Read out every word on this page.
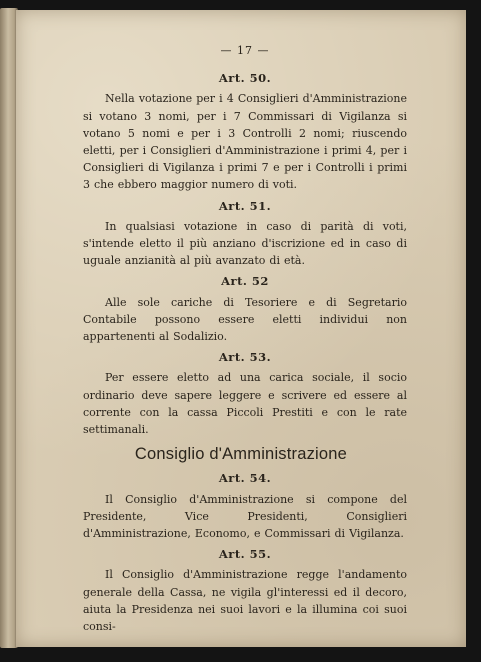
— 17 —
Art. 50.

Nella votazione per i 4 Consiglieri d'Amministrazione si votano 3 nomi, per i 7 Commissari di Vigilanza si votano 5 nomi e per i 3 Controlli 2 nomi; riuscendo eletti, per i Consiglieri d'Amministrazione i primi 4, per i Consiglieri di Vigilanza i primi 7 e per i Controlli i primi 3 che ebbero maggior numero di voti.

Art. 51.

In qualsiasi votazione in caso di parità di voti, s'intende eletto il più anziano d'iscrizione ed in caso di uguale anzianità al più avanzato di età.

Art. 52

Alle sole cariche di Tesoriere e di Segretario Contabile possono essere eletti individui non appartenenti al Sodalizio.

Art. 53.

Per essere eletto ad una carica sociale, il socio ordinario deve sapere leggere e scrivere ed essere al corrente con la cassa Piccoli Prestiti e con le rate settimanali.

Consiglio d'Amministrazione
Art. 54.

Il Consiglio d'Amministrazione si compone del Presidente, Vice Presidenti, Consiglieri d'Amministrazione, Economo, e Commissari di Vigilanza.

Art. 55.

Il Consiglio d'Amministrazione regge l'andamento generale della Cassa, ne vigila gl'interessi ed il decoro, aiuta la Presidenza nei suoi lavori e la illumina coi suoi consi-
